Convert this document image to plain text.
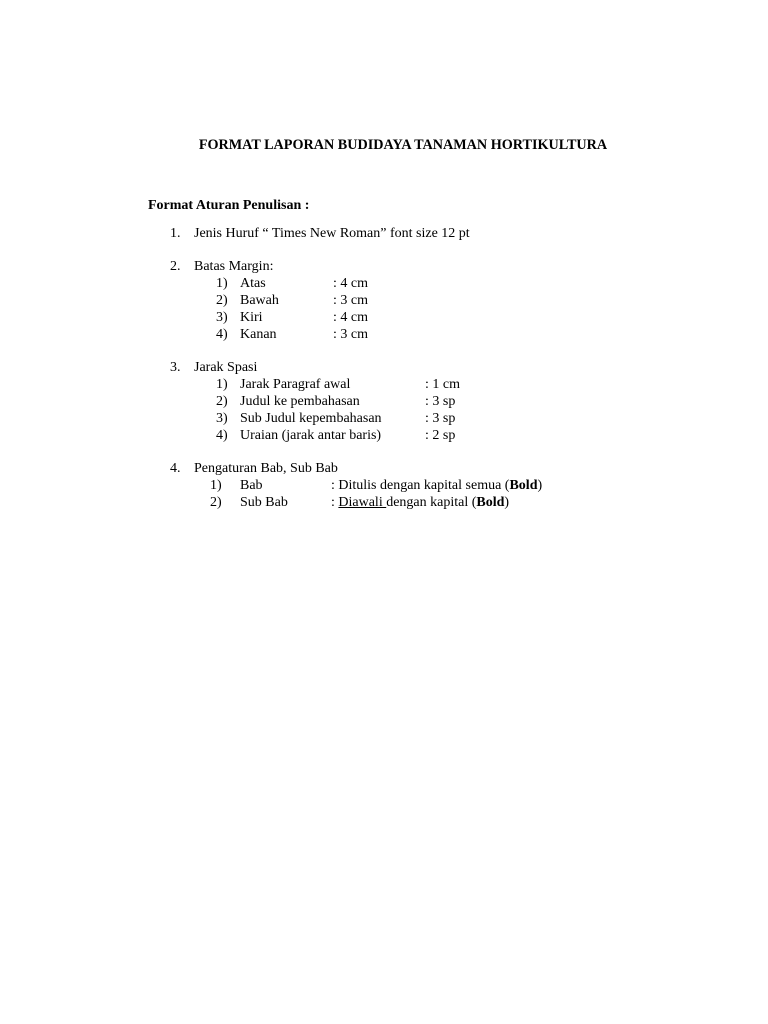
FORMAT LAPORAN BUDIDAYA TANAMAN HORTIKULTURA
Format Aturan Penulisan :
1. Jenis Huruf “ Times New Roman” font size 12 pt
2. Batas Margin:
1) Atas	: 4 cm
2) Bawah	: 3 cm
3) Kiri	: 4 cm
4) Kanan	: 3 cm
3. Jarak Spasi
1) Jarak Paragraf awal	: 1 cm
2) Judul ke pembahasan	: 3 sp
3) Sub Judul kepembahasan	: 3 sp
4) Uraian (jarak antar baris)	: 2 sp
4. Pengaturan Bab, Sub Bab
1) Bab	: Ditulis dengan kapital semua (Bold)
2) Sub Bab	: Diawali dengan kapital (Bold)
